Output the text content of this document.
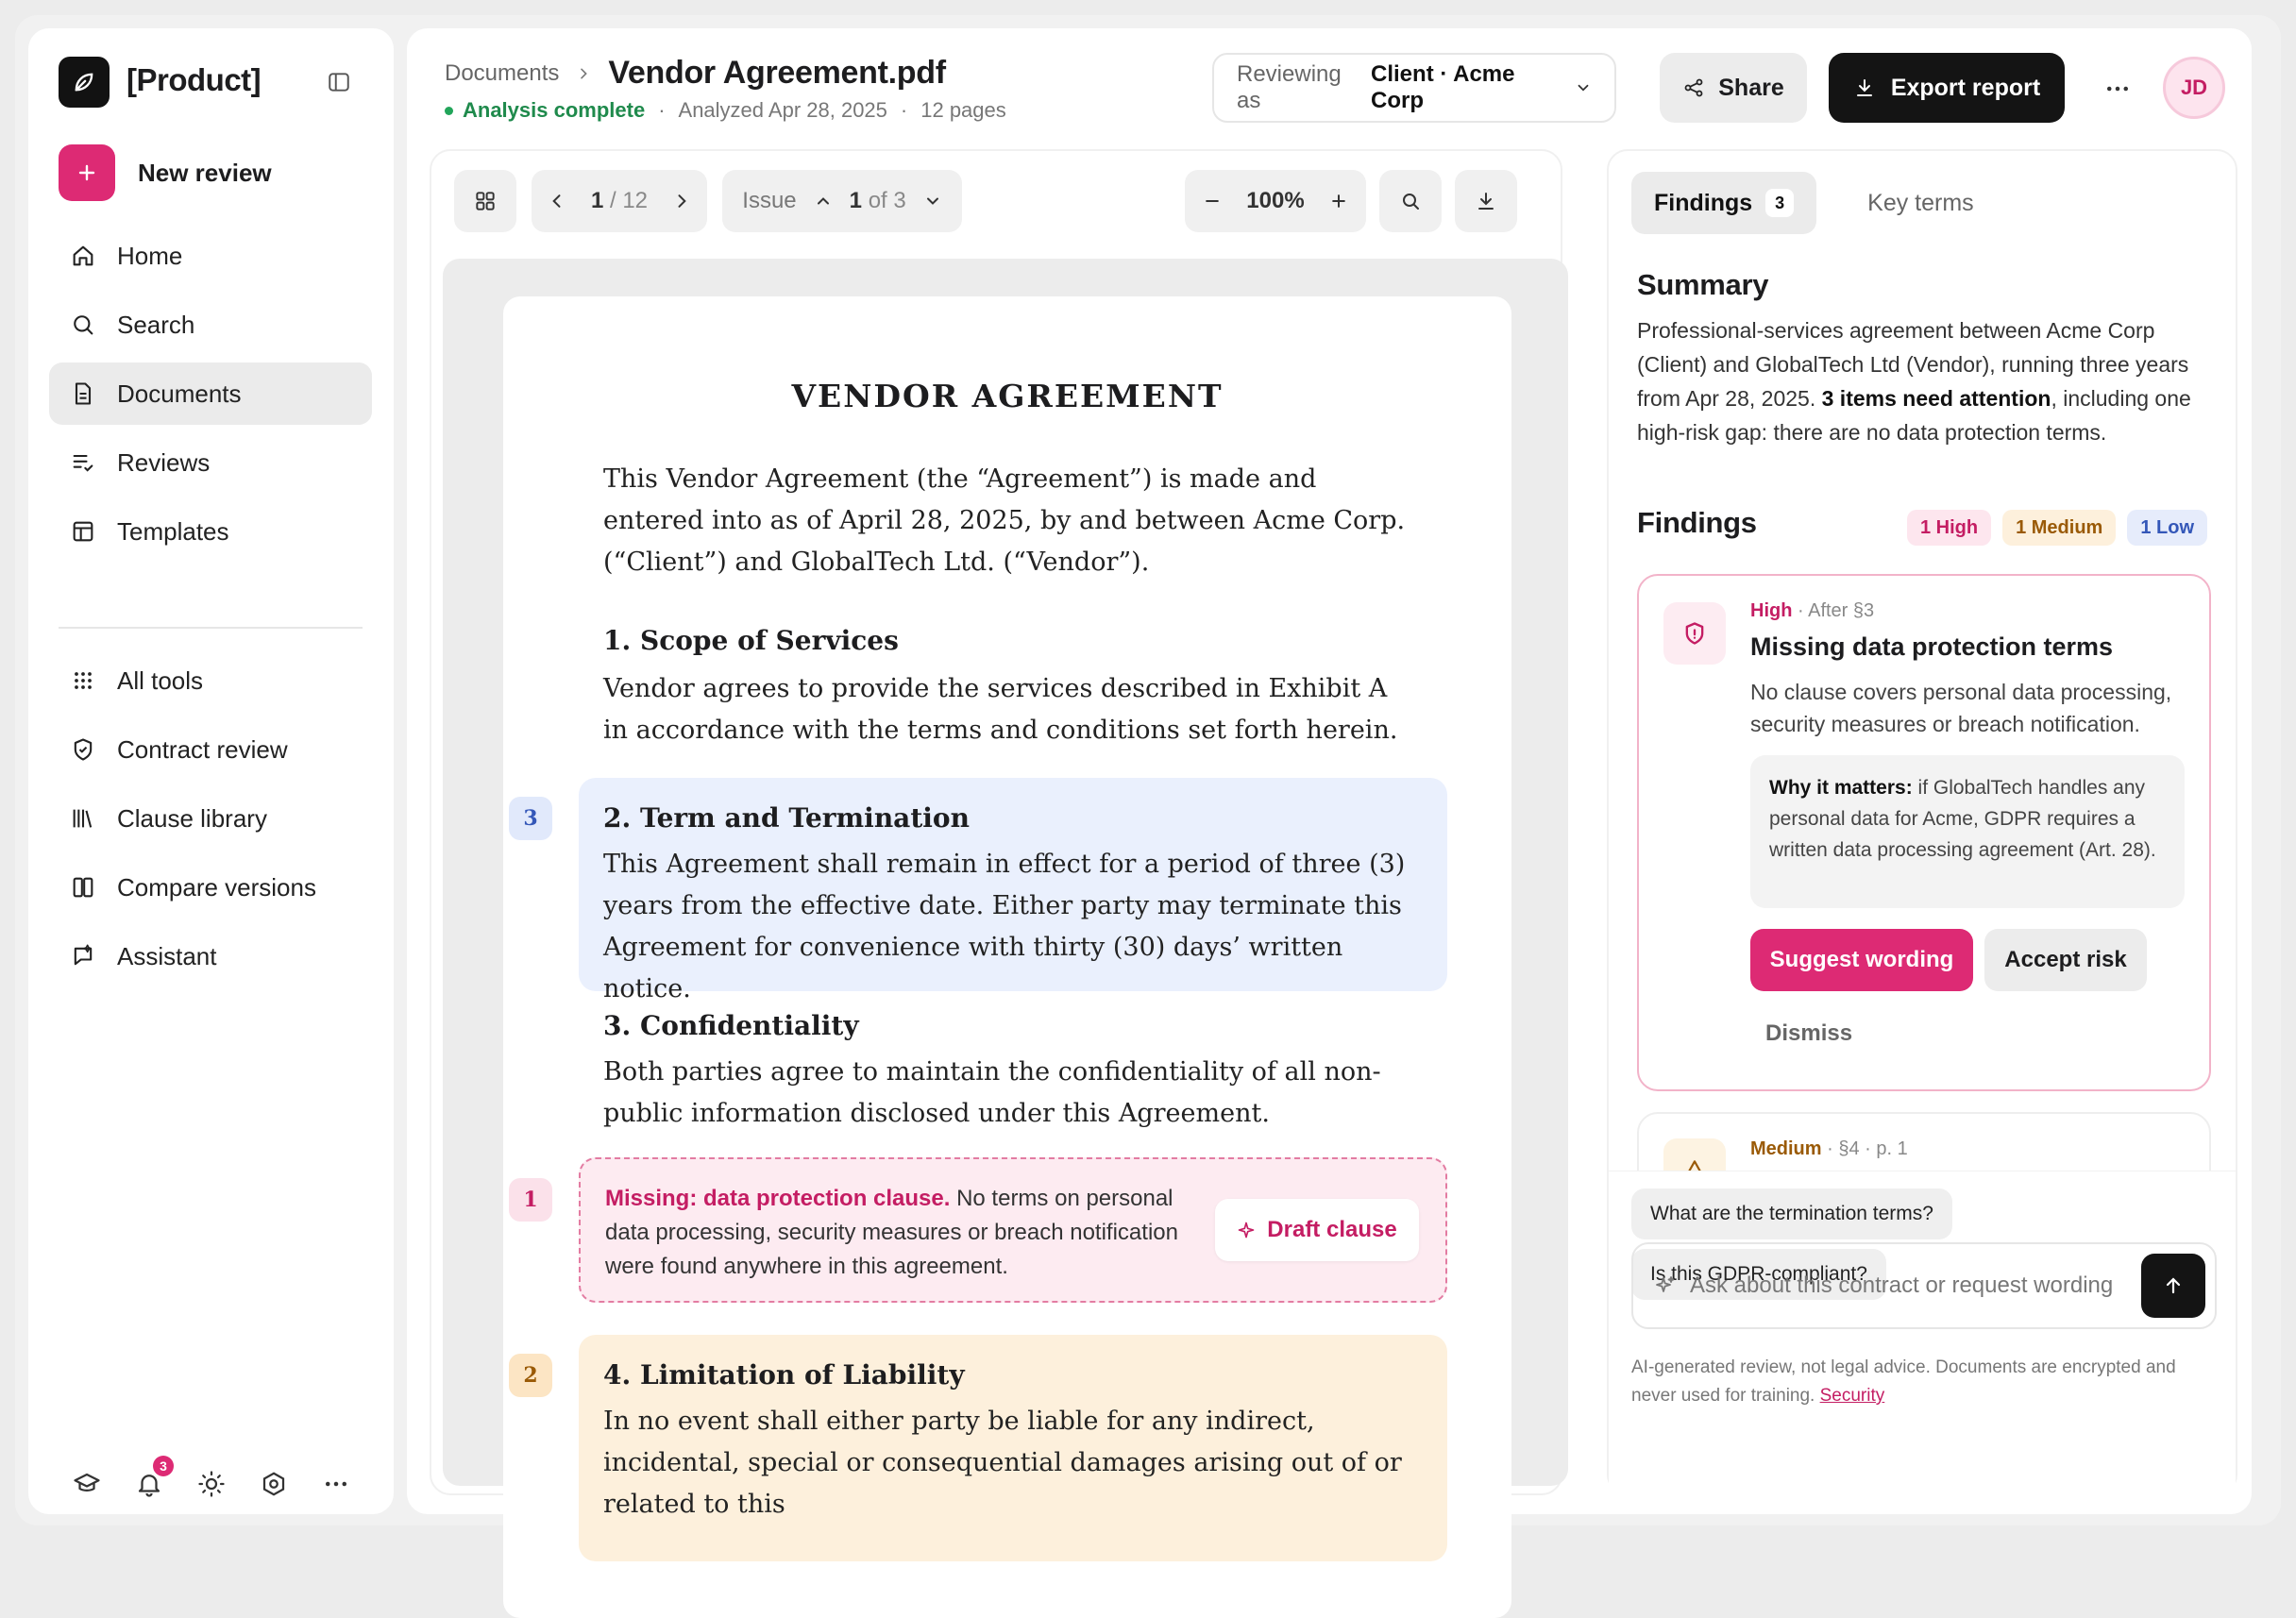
[Product]
New review
Home
Search
Documents
Reviews
Templates
All tools
Contract review
Clause library
Compare versions
Assistant
3
Documents Vendor Agreement.pdf
Analysis complete · Analyzed Apr 28, 2025 · 12 pages
Reviewing as
Client · Acme Corp	Share	Export report	JD
1 / 12	Issue 1 of 3	100%
VENDOR AGREEMENT
This Vendor Agreement (the “Agreement”) is made and entered into as of April 28, 2025, by and between Acme Corp. (“Client”) and GlobalTech Ltd. (“Vendor”).
1. Scope of Services
Vendor agrees to provide the services described in Exhibit A in accordance with the terms and conditions set forth herein.
3	2. Term and Termination
This Agreement shall remain in effect for a period of three (3) years from the effective date. Either party may terminate this Agreement for convenience with thirty (30) days’ written notice.
3. Confidentiality
Both parties agree to maintain the confidentiality of all non-public information disclosed under this Agreement.
1	Missing: data protection clause. No terms on personal data processing, security measures or breach notification were found anywhere in this agreement.
Draft clause
2	4. Limitation of Liability
In no event shall either party be liable for any indirect, incidental, special or consequential damages arising out of or related to this
Findings	3	Key terms
Summary
Professional-services agreement between Acme Corp (Client) and GlobalTech Ltd (Vendor), running three years from Apr 28, 2025. 3 items need attention, including one high-risk gap: there are no data protection terms.
Findings	1 High	1 Medium	1 Low
High · After §3
Missing data protection terms
No clause covers personal data processing, security measures or breach notification.
Why it matters: if GlobalTech handles any personal data for Acme, GDPR requires a written data processing agreement (Art. 28).
Suggest wording	Accept risk
Dismiss
Medium · §4 · p. 1
What are the termination terms?
Is this GDPR-compliant?
Ask about this contract or request wording
AI-generated review, not legal advice. Documents are encrypted and never used for training. Security
